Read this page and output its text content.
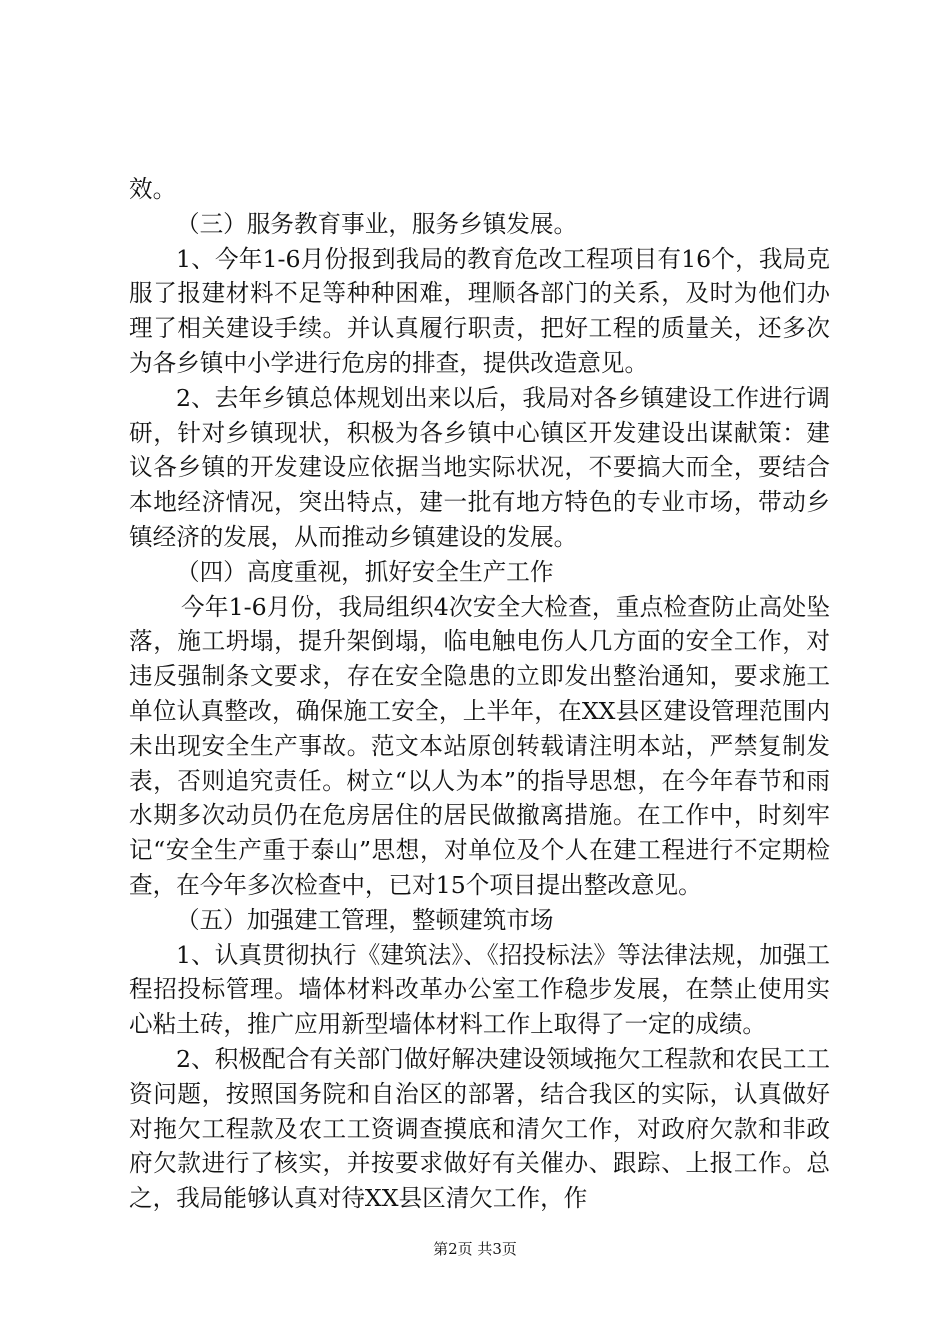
效。

（三）服务教育事业，服务乡镇发展。

1、今年1-6月份报到我局的教育危改工程项目有16个，我局克服了报建材料不足等种种困难，理顺各部门的关系，及时为他们办理了相关建设手续。并认真履行职责，把好工程的质量关，还多次为各乡镇中小学进行危房的排查，提供改造意见。

2、去年乡镇总体规划出来以后，我局对各乡镇建设工作进行调研，针对乡镇现状，积极为各乡镇中心镇区开发建设出谋献策：建议各乡镇的开发建设应依据当地实际状况，不要搞大而全，要结合本地经济情况，突出特点，建一批有地方特色的专业市场，带动乡镇经济的发展，从而推动乡镇建设的发展。

（四）高度重视，抓好安全生产工作

今年1-6月份，我局组织4次安全大检查，重点检查防止高处坠落，施工坍塌，提升架倒塌，临电触电伤人几方面的安全工作，对违反强制条文要求，存在安全隐患的立即发出整治通知，要求施工单位认真整改，确保施工安全，上半年，在XX县区建设管理范围内未出现安全生产事故。范文本站原创转载请注明本站，严禁复制发表，否则追究责任。树立“以人为本”的指导思想，在今年春节和雨水期多次动员仍在危房居住的居民做撤离措施。在工作中，时刻牢记“安全生产重于泰山”思想，对单位及个人在建工程进行不定期检查，在今年多次检查中，已对15个项目提出整改意见。

（五）加强建工管理，整顿建筑市场

1、认真贯彻执行《建筑法》、《招投标法》等法律法规，加强工程招投标管理。墙体材料改革办公室工作稳步发展，在禁止使用实心粘土砖，推广应用新型墙体材料工作上取得了一定的成绩。

2、积极配合有关部门做好解决建设领域拖欠工程款和农民工工资问题，按照国务院和自治区的部署，结合我区的实际，认真做好对拖欠工程款及农工工资调查摸底和清欠工作，对政府欠款和非政府欠款进行了核实，并按要求做好有关催办、跟踪、上报工作。总之，我局能够认真对待XX县区清欠工作，作

第2页 共3页
